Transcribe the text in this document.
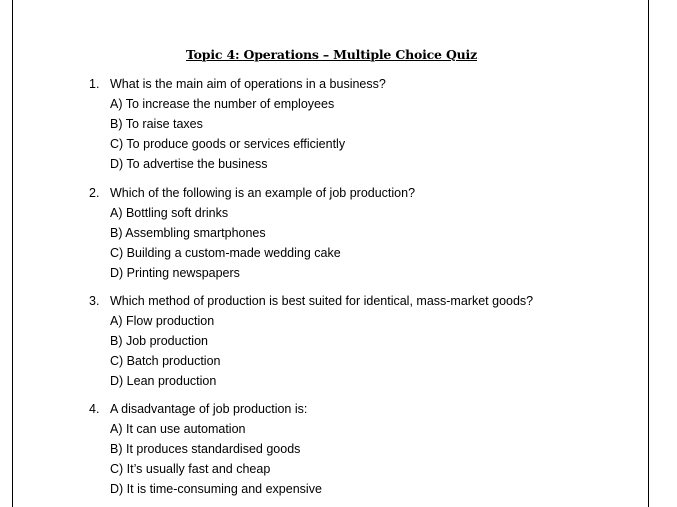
Topic 4: Operations – Multiple Choice Quiz
1. What is the main aim of operations in a business?
A) To increase the number of employees
B) To raise taxes
C) To produce goods or services efficiently
D) To advertise the business
2. Which of the following is an example of job production?
A) Bottling soft drinks
B) Assembling smartphones
C) Building a custom-made wedding cake
D) Printing newspapers
3. Which method of production is best suited for identical, mass-market goods?
A) Flow production
B) Job production
C) Batch production
D) Lean production
4. A disadvantage of job production is:
A) It can use automation
B) It produces standardised goods
C) It’s usually fast and cheap
D) It is time-consuming and expensive
